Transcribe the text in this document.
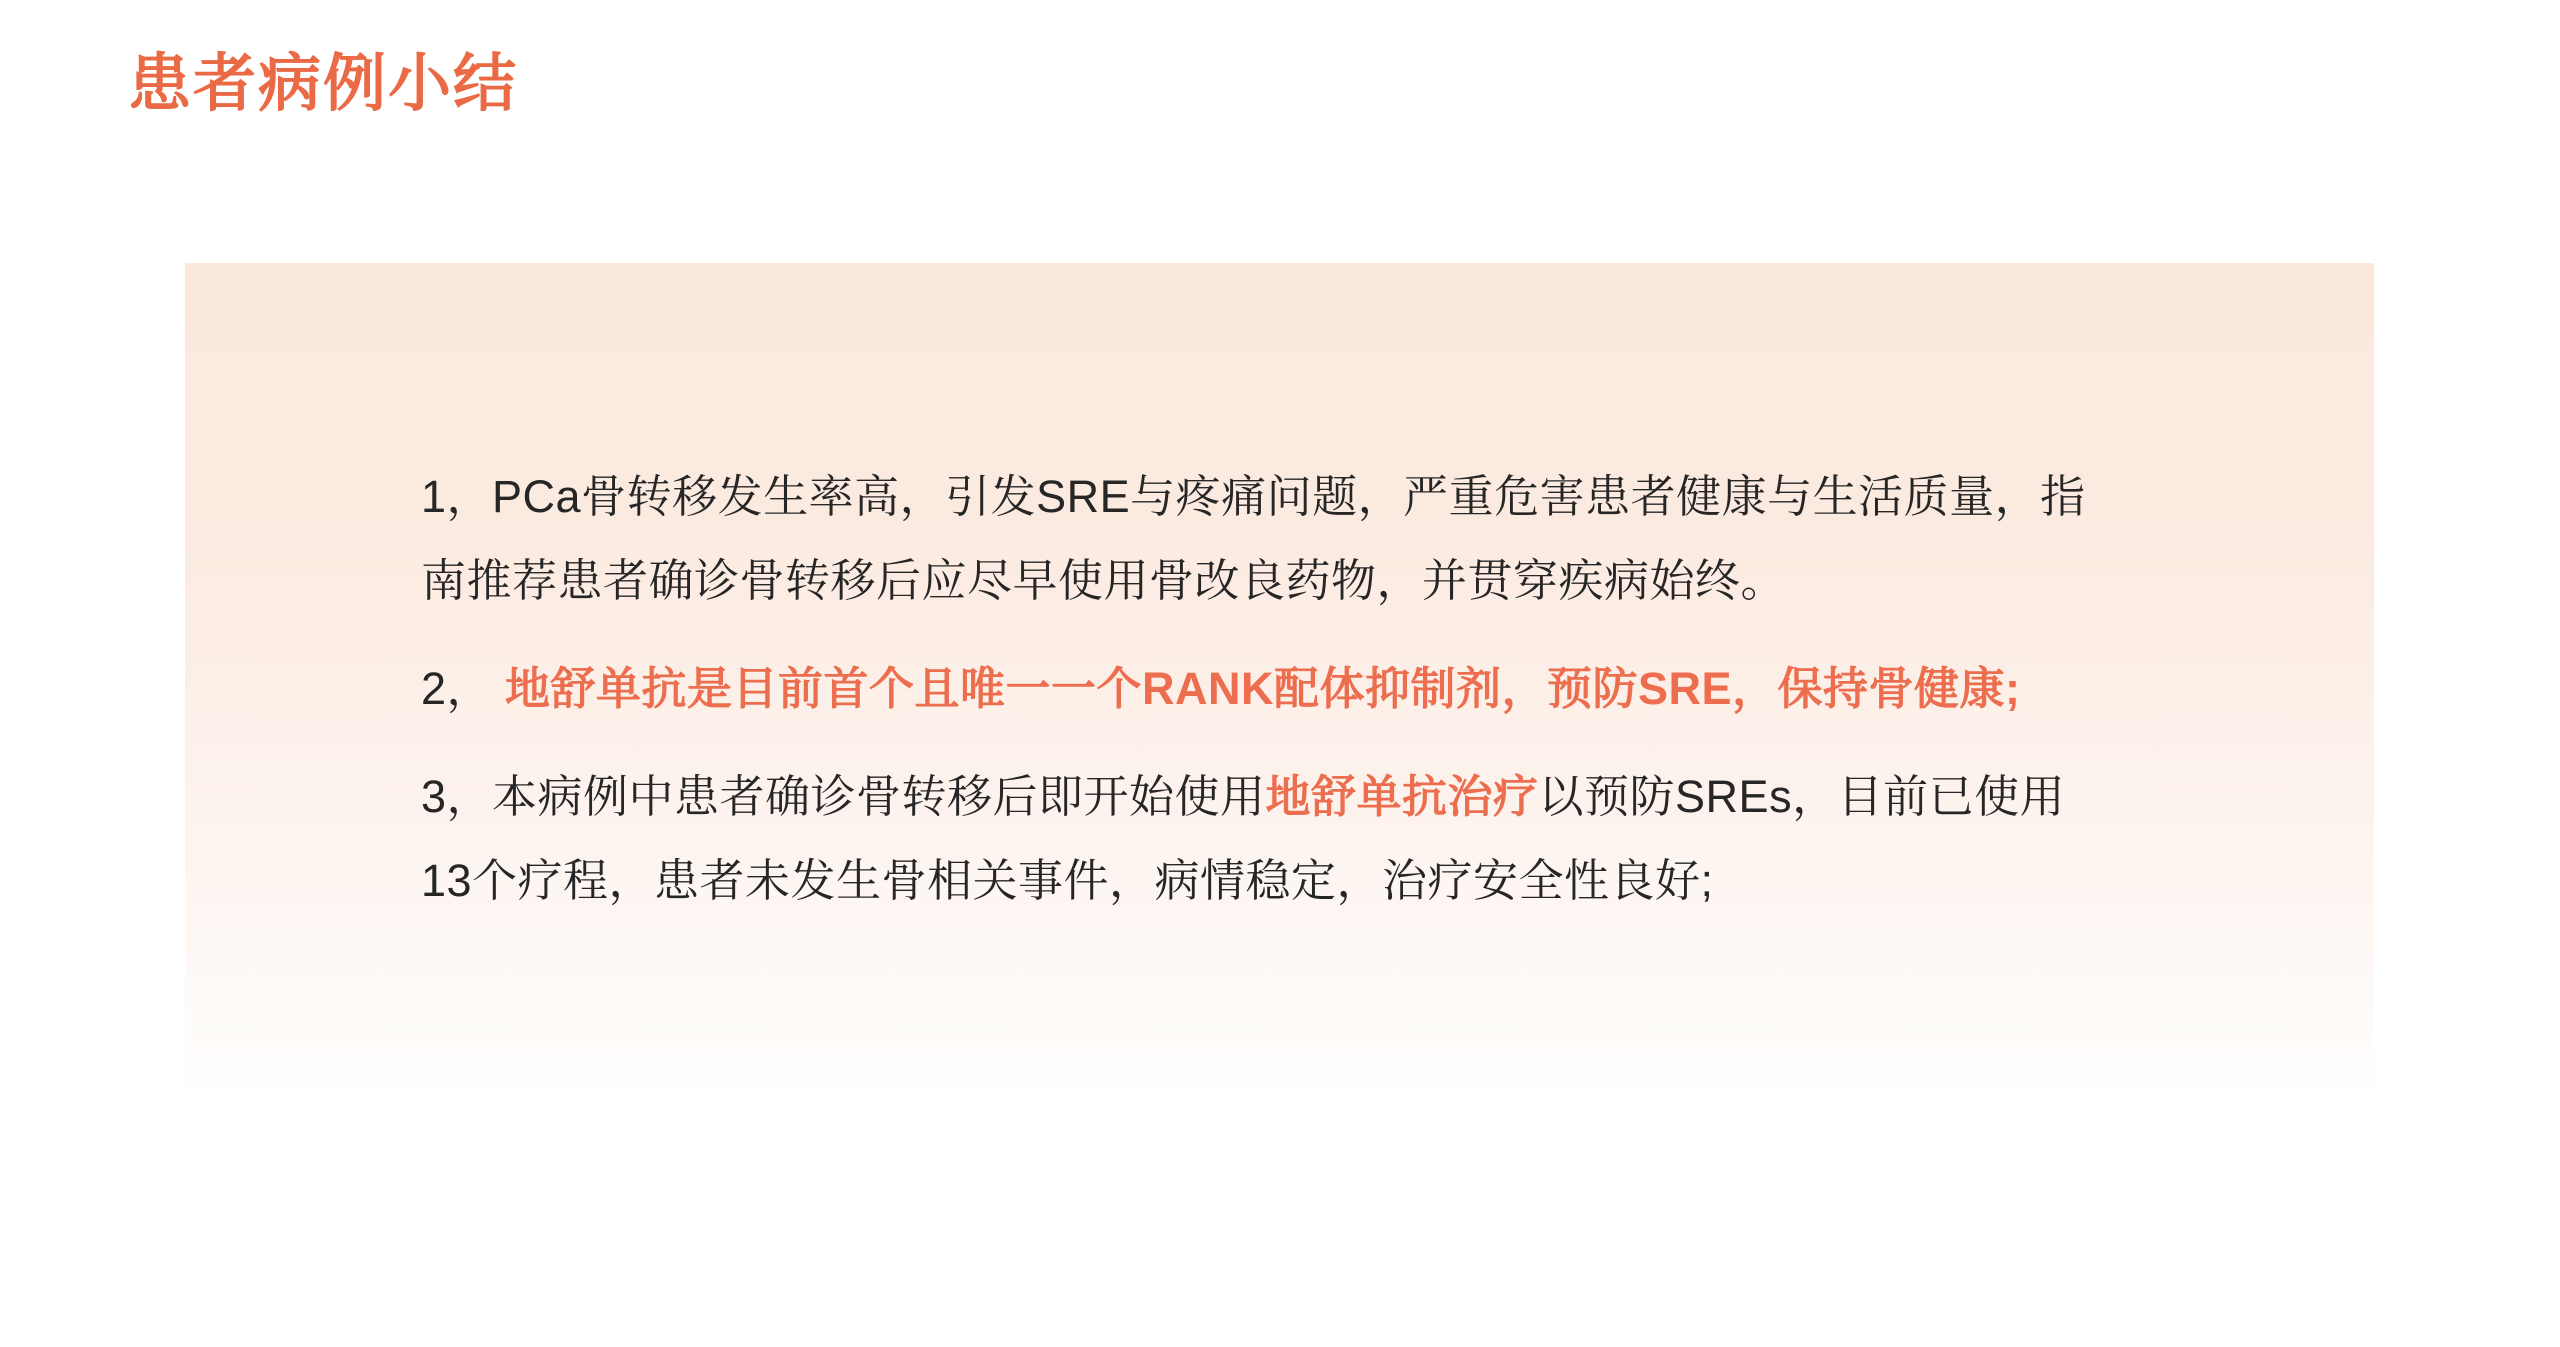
患者病例小结

1，PCa骨转移发生率高，引发SRE与疼痛问题，严重危害患者健康与生活质量，指南推荐患者确诊骨转移后应尽早使用骨改良药物，并贯穿疾病始终。

2， 地舒单抗是目前首个且唯一一个RANK配体抑制剂，预防SRE，保持骨健康;

3，本病例中患者确诊骨转移后即开始使用地舒单抗治疗以预防SREs，目前已使用13个疗程，患者未发生骨相关事件，病情稳定，治疗安全性良好;
